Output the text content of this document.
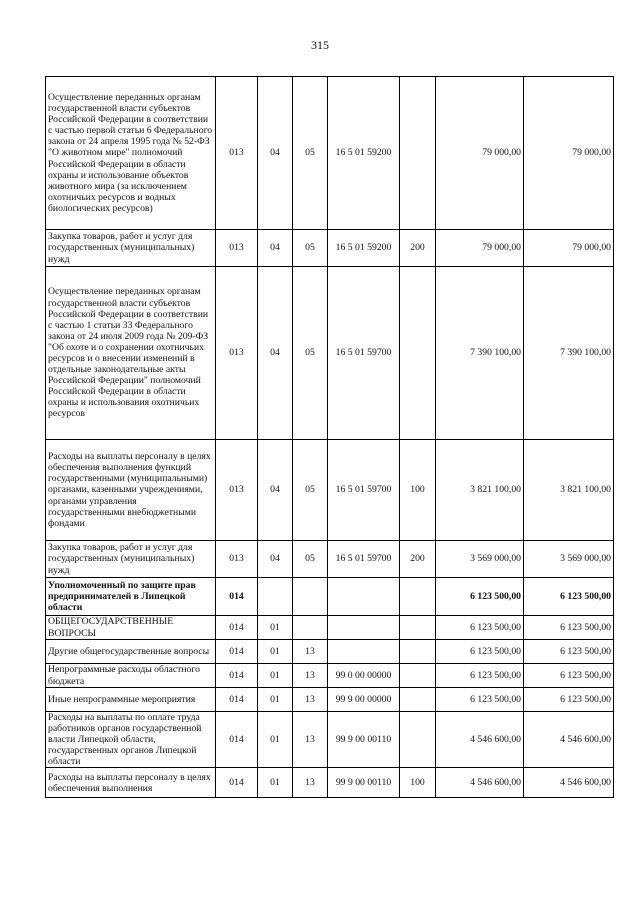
315
Осуществление переданных органам государственной власти субъектов Российской Федерации в соответствии с частью первой статьи 6 Федерального закона от 24 апреля 1995 года № 52-ФЗ "О животном мире" полномочий Российской Федерации в области охраны и использование объектов животного мира (за исключением охотничьих ресурсов и водных биологических ресурсов)	013	04	05	16 5 01 59200		79 000,00	79 000,00
Закупка товаров, работ и услуг для государственных (муниципальных) нужд	013	04	05	16 5 01 59200	200	79 000,00	79 000,00
Осуществление переданных органам государственной власти субъектов Российской Федерации в соответствии с частью 1 статьи 33 Федерального закона от 24 июля 2009 года № 209-ФЗ "Об охоте и о сохранении охотничьих ресурсов и о внесении изменений в отдельные законодательные акты Российской Федерации" полномочий Российской Федерации в области охраны и использования охотничьих ресурсов	013	04	05	16 5 01 59700		7 390 100,00	7 390 100,00
Расходы на выплаты персоналу в целях обеспечения выполнения функций государственными (муниципальными) органами, казенными учреждениями, органами управления государственными внебюджетными фондами	013	04	05	16 5 01 59700	100	3 821 100,00	3 821 100,00
Закупка товаров, работ и услуг для государственных (муниципальных) нужд	013	04	05	16 5 01 59700	200	3 569 000,00	3 569 000,00
Уполномоченный по защите прав предпринимателей в Липецкой области	014					6 123 500,00	6 123 500,00
ОБЩЕГОСУДАРСТВЕННЫЕ ВОПРОСЫ	014	01				6 123 500,00	6 123 500,00
Другие общегосударственные вопросы	014	01	13			6 123 500,00	6 123 500,00
Непрограммные расходы областного бюджета	014	01	13	99 0 00 00000		6 123 500,00	6 123 500,00
Иные непрограммные мероприятия	014	01	13	99 9 00 00000		6 123 500,00	6 123 500,00
Расходы на выплаты по оплате труда работников органов государственной власти Липецкой области, государственных органов Липецкой области	014	01	13	99 9 00 00110		4 546 600,00	4 546 600,00
Расходы на выплаты персоналу в целях обеспечения выполнения	014	01	13	99 9 00 00110	100	4 546 600,00	4 546 600,00
